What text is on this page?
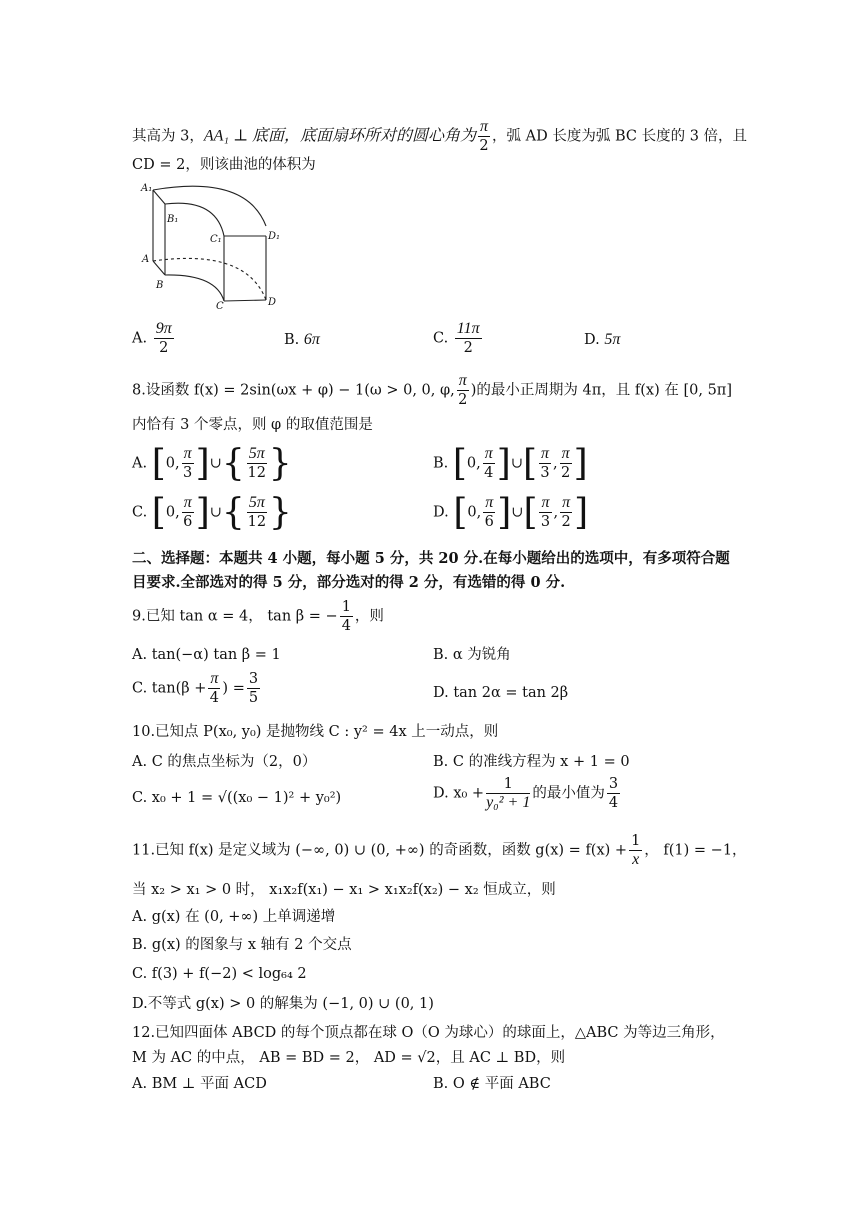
其高为 3，AA₁ ⊥ 底面，底面扇环所对的圆心角为 $\frac{\pi}{2}$ ，弧 AD 长度为弧 BC 长度的 3 倍，且
CD = 2，则该曲池的体积为
A₁
B₁
C₁	D₁
A
B
C	D
A. $\frac{9\pi}{2}$	B. 6π	C. $\frac{11\pi}{2}$	D. 5π
8.设函数 f(x) = 2sin(ωx + φ) − 1(ω > 0, 0, φ, $\frac{\pi}{2}$ )的最小正周期为 4π，且 f(x) 在 [0, 5π]
内恰有 3 个零点，则 φ 的取值范围是
A. [0, $\frac{\pi}{3}$ ]∪{ $\frac{5\pi}{12}$ }	B. [0, $\frac{\pi}{4}$ ]∪[ $\frac{\pi}{3}$ , $\frac{\pi}{2}$ ]
C. [0, $\frac{\pi}{6}$ ]∪{ $\frac{5\pi}{12}$ }	D. [0, $\frac{\pi}{6}$ ]∪[ $\frac{\pi}{3}$ , $\frac{\pi}{2}$ ]
二、选择题：本题共 4 小题，每小题 5 分，共 20 分.在每小题给出的选项中，有多项符合题
目要求.全部选对的得 5 分，部分选对的得 2 分，有选错的得 0 分.
9.已知 tan α = 4， tan β = − $\frac{1}{4}$ ，则
A. tan(−α) tan β = 1	B. α 为锐角
C. $\tan(\beta + \frac{\pi}{4}$ ) = $\frac{3}{5}$	D. tan 2α = tan 2β
10.已知点 P(x₀, y₀) 是抛物线 C : y² = 4x 上一动点，则
A. C 的焦点坐标为（2，0）	B. C 的准线方程为 x + 1 = 0
C. x₀ + 1 = √((x₀ − 1)² + y₀²)	D. $x_0 + \frac{1}{\text{y₀² + 1}}$ 的最小值为 $\frac{3}{4}$
11.已知 f(x) 是定义域为 (−∞, 0) ∪ (0, +∞) 的奇函数，函数 $g(x) = f(x) + \frac{1}{x}$ ， f(1) = −1，
当 x₂ > x₁ > 0 时， x₁x₂f(x₁) − x₁ > x₁x₂f(x₂) − x₂ 恒成立，则
A. g(x) 在 (0, +∞) 上单调递增
B. g(x) 的图象与 x 轴有 2 个交点
C. f(3) + f(−2) < log₆₄ 2
D.不等式 g(x) > 0 的解集为 (−1, 0) ∪ (0, 1)
12.已知四面体 ABCD 的每个顶点都在球 O（O 为球心）的球面上，△ABC 为等边三角形，
M 为 AC 的中点， AB = BD = 2， AD = √2，且 AC ⊥ BD，则
A. BM ⊥ 平面 ACD	B. O ∉ 平面 ABC
